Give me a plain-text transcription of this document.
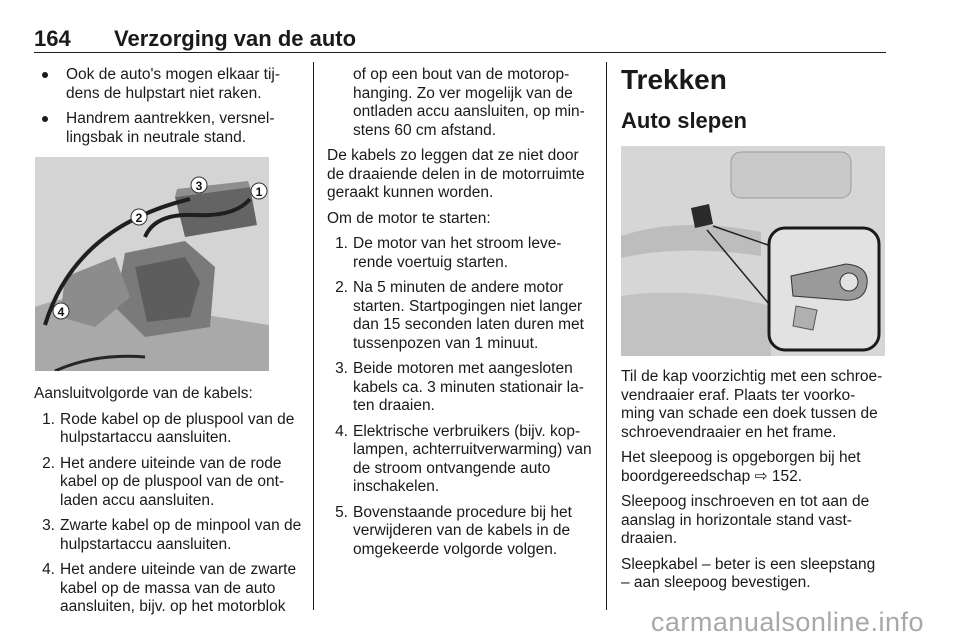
164 Verzorging van de auto
Ook de auto's mogen elkaar tij-dens de hulpstart niet raken.
Handrem aantrekken, versnel-lingsbak in neutrale stand.
3	1
2
4

Aansluitvolgorde van de kabels:

1. Rode kabel op de pluspool van de hulpstartaccu aansluiten.
2. Het andere uiteinde van de rode kabel op de pluspool van de ont-laden accu aansluiten.
3. Zwarte kabel op de minpool van de hulpstartaccu aansluiten.
4. Het andere uiteinde van de zwarte kabel op de massa van de auto aansluiten, bijv. op het motorblok

of op een bout van de motorop-hanging. Zo ver mogelijk van de ontladen accu aansluiten, op min-stens 60 cm afstand.

De kabels zo leggen dat ze niet door de draaiende delen in de motorruimte geraakt kunnen worden.

Om de motor te starten:

1. De motor van het stroom leve-rende voertuig starten.
2. Na 5 minuten de andere motor starten. Startpogingen niet langer dan 15 seconden laten duren met tussenpozen van 1 minuut.
3. Beide motoren met aangesloten kabels ca. 3 minuten stationair la-ten draaien.
4. Elektrische verbruikers (bijv. kop-lampen, achterruitverwarming) van de stroom ontvangende auto inschakelen.
5. Bovenstaande procedure bij het verwijderen van de kabels in de omgekeerde volgorde volgen.
Trekken
Auto slepen

Til de kap voorzichtig met een schroe-vendraaier eraf. Plaats ter voorko-ming van schade een doek tussen de schroevendraaier en het frame.

Het sleepoog is opgeborgen bij het boordgereedschap ⇨ 152.

Sleepoog inschroeven en tot aan de aanslag in horizontale stand vast-draaien.

Sleepkabel – beter is een sleepstang – aan sleepoog bevestigen.

carmanualsonline.info
